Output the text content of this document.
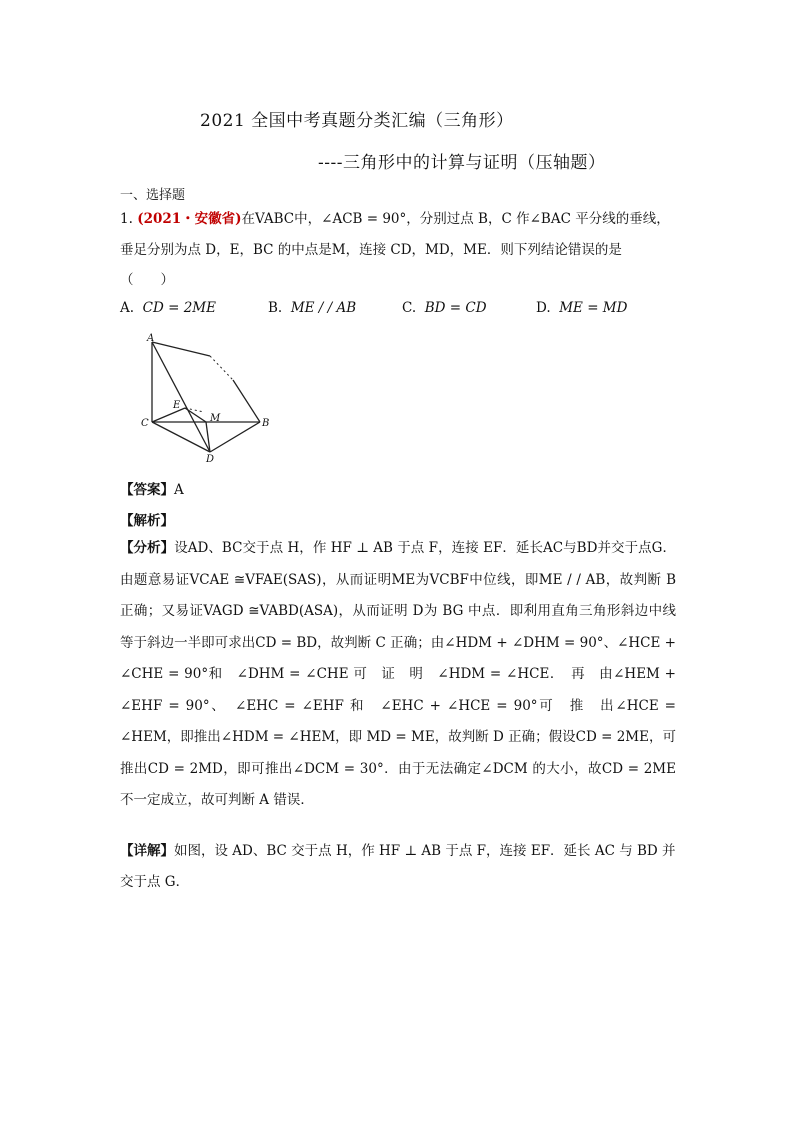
2021 全国中考真题分类汇编（三角形）
----三角形中的计算与证明（压轴题）
一、选择题
1. (2021・安徽省)在VABC中，∠ACB = 90°，分别过点 B，C 作∠BAC 平分线的垂线，
垂足分别为点 D，E，BC 的中点是M，连接 CD，MD，ME．则下列结论错误的是
（　　）
A. CD = 2ME	B. ME / / AB	C. BD = CD	D. ME = MD
A
C	B
D
E
M
【答案】A
【解析】
【分析】设AD、BC交于点 H，作 HF ⊥ AB 于点 F，连接 EF．延长AC与BD并交于点G．由题意易证VCAE ≅VFAE(SAS)，从而证明ME为VCBF中位线，即ME / / AB，故判断 B 正确；又易证VAGD ≅VABD(ASA)，从而证明 D为 BG 中点．即利用直角三角形斜边中线等于斜边一半即可求出CD = BD，故判断 C 正确；由∠HDM + ∠DHM = 90°、∠HCE + ∠CHE = 90°和　∠DHM = ∠CHE 可　证　明　∠HDM = ∠HCE．　再　由∠HEM + ∠EHF = 90°、　∠EHC = ∠EHF 和　∠EHC + ∠HCE = 90°可　推　出∠HCE = ∠HEM，即推出∠HDM = ∠HEM，即 MD = ME，故判断 D 正确；假设CD = 2ME，可推出CD = 2MD，即可推出∠DCM = 30°．由于无法确定∠DCM 的大小，故CD = 2ME 不一定成立，故可判断 A 错误．
【详解】如图，设 AD、BC 交于点 H，作 HF ⊥ AB 于点 F，连接 EF．延长 AC 与 BD 并交于点 G．
